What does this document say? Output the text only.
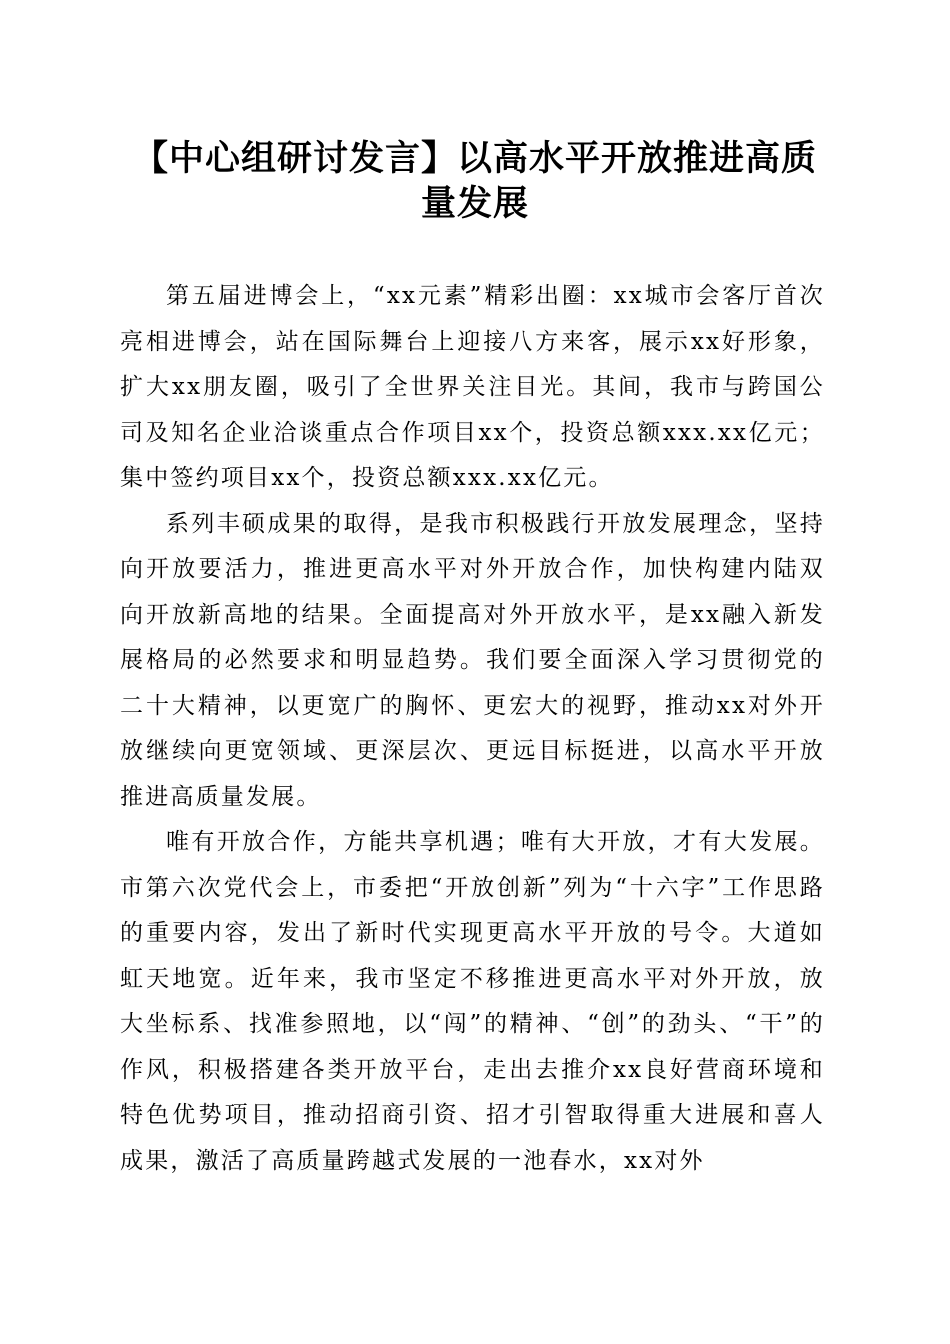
【中心组研讨发言】以高水平开放推进高质量发展

第五届进博会上，“xx元素”精彩出圈：xx城市会客厅首次亮相进博会，站在国际舞台上迎接八方来客，展示xx好形象，扩大xx朋友圈，吸引了全世界关注目光。其间，我市与跨国公司及知名企业洽谈重点合作项目xx个，投资总额xxx.xx亿元；集中签约项目xx个，投资总额xxx.xx亿元。

系列丰硕成果的取得，是我市积极践行开放发展理念，坚持向开放要活力，推进更高水平对外开放合作，加快构建内陆双向开放新高地的结果。全面提高对外开放水平，是xx融入新发展格局的必然要求和明显趋势。我们要全面深入学习贯彻党的二十大精神，以更宽广的胸怀、更宏大的视野，推动xx对外开放继续向更宽领域、更深层次、更远目标挺进，以高水平开放推进高质量发展。

唯有开放合作，方能共享机遇；唯有大开放，才有大发展。市第六次党代会上，市委把“开放创新”列为“十六字”工作思路的重要内容，发出了新时代实现更高水平开放的号令。大道如虹天地宽。近年来，我市坚定不移推进更高水平对外开放，放大坐标系、找准参照地，以“闯”的精神、“创”的劲头、“干”的作风，积极搭建各类开放平台，走出去推介xx良好营商环境和特色优势项目，推动招商引资、招才引智取得重大进展和喜人成果，激活了高质量跨越式发展的一池春水，xx对外
